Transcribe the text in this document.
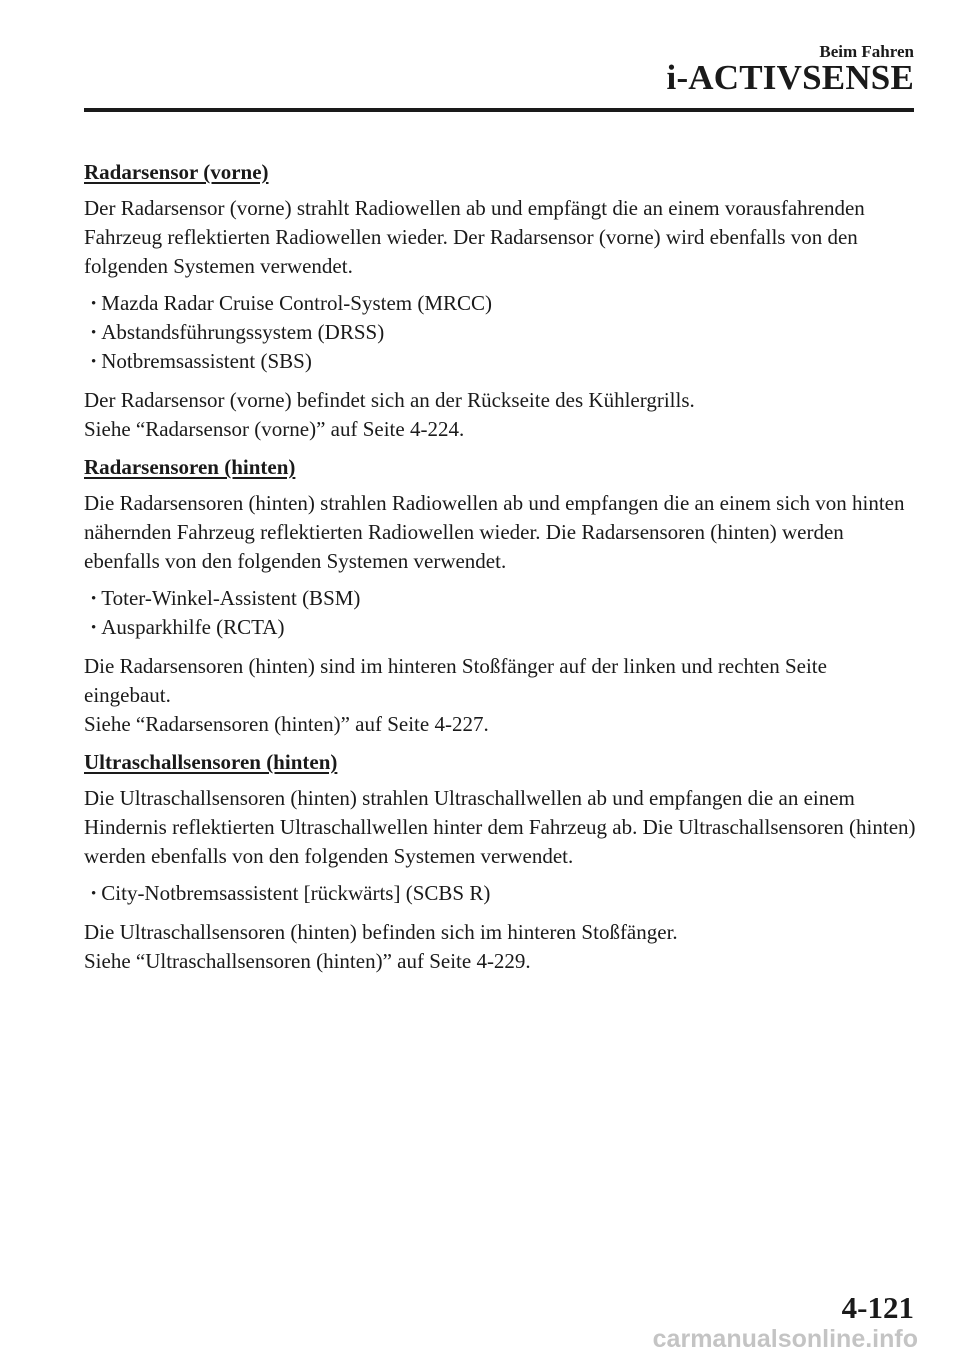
Beim Fahren
i-ACTIVSENSE
Radarsensor (vorne)

Der Radarsensor (vorne) strahlt Radiowellen ab und empfängt die an einem vorausfahrenden Fahrzeug reflektierten Radiowellen wieder. Der Radarsensor (vorne) wird ebenfalls von den folgenden Systemen verwendet.

• Mazda Radar Cruise Control-System (MRCC)
• Abstandsführungssystem (DRSS)
• Notbremsassistent (SBS)

Der Radarsensor (vorne) befindet sich an der Rückseite des Kühlergrills.
Siehe “Radarsensor (vorne)” auf Seite 4-224.

Radarsensoren (hinten)

Die Radarsensoren (hinten) strahlen Radiowellen ab und empfangen die an einem sich von hinten nähernden Fahrzeug reflektierten Radiowellen wieder. Die Radarsensoren (hinten) werden ebenfalls von den folgenden Systemen verwendet.

• Toter-Winkel-Assistent (BSM)
• Ausparkhilfe (RCTA)

Die Radarsensoren (hinten) sind im hinteren Stoßfänger auf der linken und rechten Seite eingebaut.
Siehe “Radarsensoren (hinten)” auf Seite 4-227.

Ultraschallsensoren (hinten)

Die Ultraschallsensoren (hinten) strahlen Ultraschallwellen ab und empfangen die an einem Hindernis reflektierten Ultraschallwellen hinter dem Fahrzeug ab. Die Ultraschallsensoren (hinten) werden ebenfalls von den folgenden Systemen verwendet.

• City-Notbremsassistent [rückwärts] (SCBS R)

Die Ultraschallsensoren (hinten) befinden sich im hinteren Stoßfänger.
Siehe “Ultraschallsensoren (hinten)” auf Seite 4-229.

4-121
carmanualsonline.info
